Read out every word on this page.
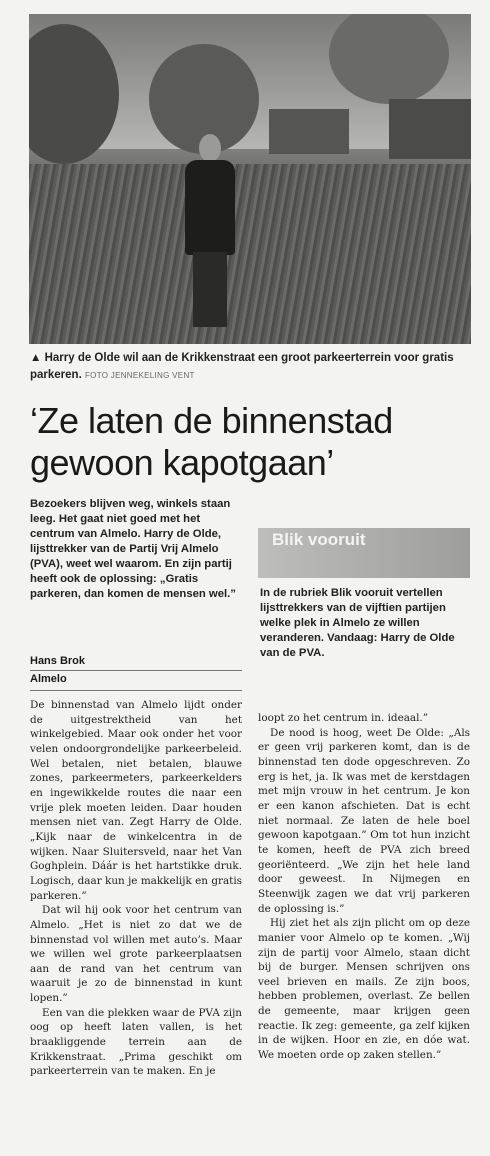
▲ Harry de Olde wil aan de Krikkenstraat een groot parkeerterrein voor gratis parkeren. FOTO JENNEKELING VENT
‘Ze laten de binnenstad gewoon kapotgaan’
Bezoekers blijven weg, winkels staan leeg. Het gaat niet goed met het centrum van Almelo. Harry de Olde, lijsttrekker van de Partij Vrij Almelo (PVA), weet wel waarom. En zijn partij heeft ook de oplossing: „Gratis parkeren, dan komen de mensen wel.”
Hans Brok
Almelo
Blik vooruit
In de rubriek Blik vooruit vertellen lijsttrekkers van de vijftien partijen welke plek in Almelo ze willen veranderen. Vandaag: Harry de Olde van de PVA.

De binnenstad van Almelo lijdt onder de uitgestrektheid van het winkelgebied. Maar ook onder het voor velen ondoorgrondelijke parkeerbeleid. Wel betalen, niet betalen, blauwe zones, parkeermeters, parkeerkelders en ingewikkelde routes die naar een vrije plek moeten leiden. Daar houden mensen niet van. Zegt Harry de Olde. „Kijk naar de winkelcentra in de wijken. Naar Sluitersveld, naar het Van Goghplein. Dáár is het hartstikke druk. Logisch, daar kun je makkelijk en gratis parkeren.”

Dat wil hij ook voor het centrum van Almelo. „Het is niet zo dat we de binnenstad vol willen met auto’s. Maar we willen wel grote parkeerplaatsen aan de rand van het centrum van waaruit je zo de binnenstad in kunt lopen.”

Een van die plekken waar de PVA zijn oog op heeft laten vallen, is het braakliggende terrein aan de Krikkenstraat. „Prima geschikt om parkeerterrein van te maken. En je

loopt zo het centrum in. ideaal.”

De nood is hoog, weet De Olde: „Als er geen vrij parkeren komt, dan is de binnenstad ten dode opgeschreven. Zo erg is het, ja. Ik was met de kerstdagen met mijn vrouw in het centrum. Je kon er een kanon afschieten. Dat is echt niet normaal. Ze laten de hele boel gewoon kapotgaan.” Om tot hun inzicht te komen, heeft de PVA zich breed georiënteerd. „We zijn het hele land door geweest. In Nijmegen en Steenwijk zagen we dat vrij parkeren de oplossing is.”

Hij ziet het als zijn plicht om op deze manier voor Almelo op te komen. „Wij zijn de partij voor Almelo, staan dicht bij de burger. Mensen schrijven ons veel brieven en mails. Ze zijn boos, hebben problemen, overlast. Ze bellen de gemeente, maar krijgen geen reactie. Ik zeg: gemeente, ga zelf kijken in de wijken. Hoor en zie, en dóe wat. We moeten orde op zaken stellen.”
